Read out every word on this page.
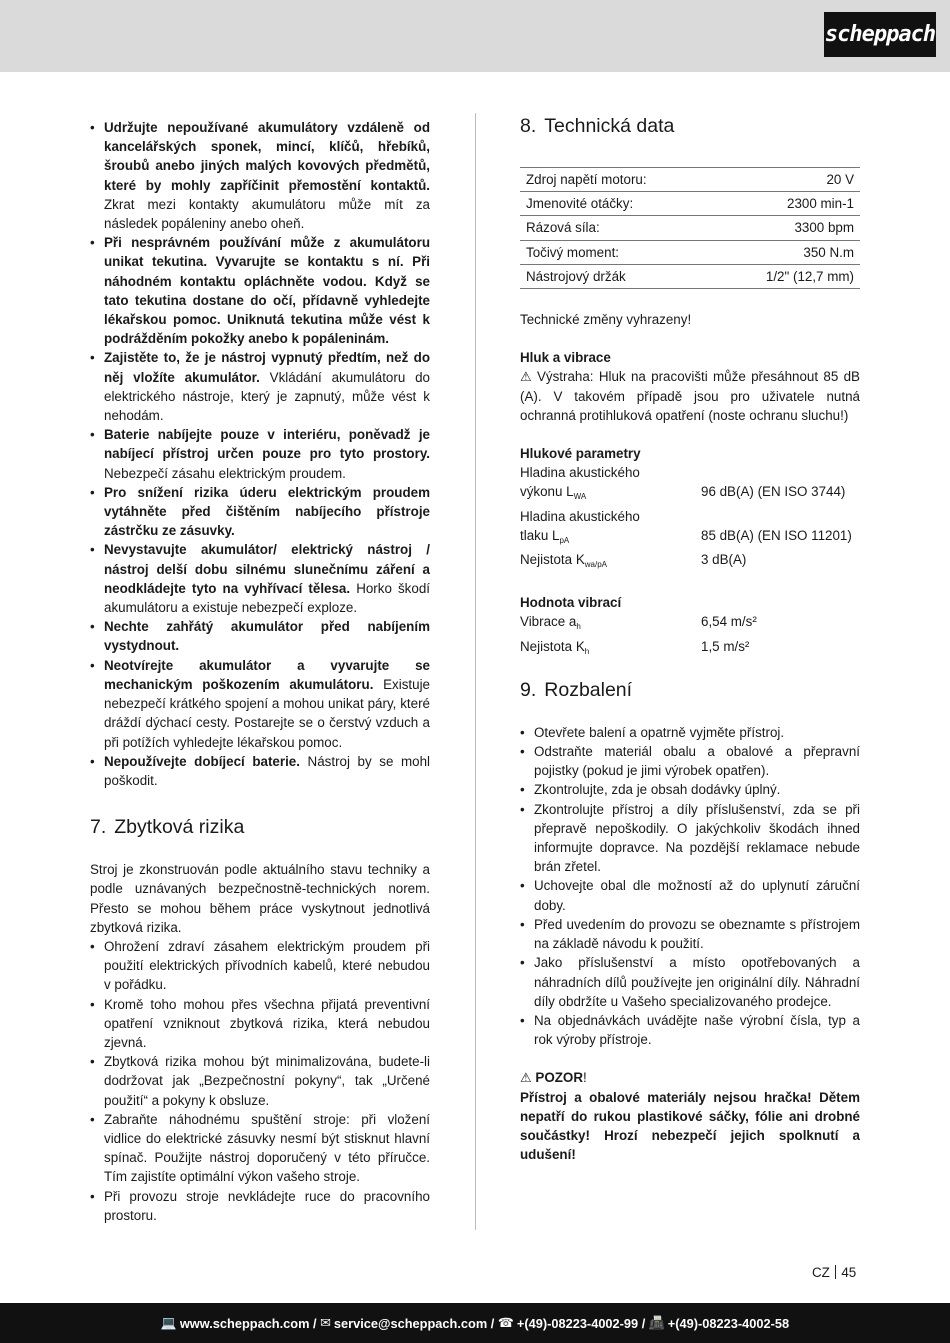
scheppach
• Udržujte nepoužívané akumulátory vzdáleně od kancelářských sponek, mincí, klíčů, hřebíků, šroubů anebo jiných malých kovových předmětů, které by mohly zapříčinit přemostění kontaktů. Zkrat mezi kontakty akumulátoru může mít za následek popáleniny anebo oheň.
• Při nesprávném používání může z akumulátoru unikat tekutina. Vyvarujte se kontaktu s ní. Při náhodném kontaktu opláchněte vodou. Když se tato tekutina dostane do očí, přídavně vyhledejte lékařskou pomoc. Uniknutá tekutina může vést k podrážděním pokožky anebo k popáleninám.
• Zajistěte to, že je nástroj vypnutý předtím, než do něj vložíte akumulátor. Vkládání akumulátoru do elektrického nástroje, který je zapnutý, může vést k nehodám.
• Baterie nabíjejte pouze v interiéru, poněvadž je nabíjecí přístroj určen pouze pro tyto prostory. Nebezpečí zásahu elektrickým proudem.
• Pro snížení rizika úderu elektrickým proudem vytáhněte před čištěním nabíjecího přístroje zástrčku ze zásuvky.
• Nevystavujte akumulátor/ elektrický nástroj / nástroj delší dobu silnému slunečnímu záření a neodkládejte tyto na vyhřívací tělesa. Horko škodí akumulátoru a existuje nebezpečí exploze.
• Nechte zahřátý akumulátor před nabíjením vystydnout.
• Neotvírejte akumulátor a vyvarujte se mechanickým poškozením akumulátoru. Existuje nebezpečí krátkého spojení a mohou unikat páry, které dráždí dýchací cesty. Postarejte se o čerstvý vzduch a při potížích vyhledejte lékařskou pomoc.
• Nepoužívejte dobíjecí baterie. Nástroj by se mohl poškodit.
7. Zbytková rizika

Stroj je zkonstruován podle aktuálního stavu techniky a podle uznávaných bezpečnostně-technických norem. Přesto se mohou během práce vyskytnout jednotlivá zbytková rizika.

• Ohrožení zdraví zásahem elektrickým proudem při použití elektrických přívodních kabelů, které nebudou v pořádku.
• Kromě toho mohou přes všechna přijatá preventivní opatření vzniknout zbytková rizika, která nebudou zjevná.
• Zbytková rizika mohou být minimalizována, budete-li dodržovat jak „Bezpečnostní pokyny“, tak „Určené použití“ a pokyny k obsluze.
• Zabraňte náhodnému spuštění stroje: při vložení vidlice do elektrické zásuvky nesmí být stisknut hlavní spínač. Použijte nástroj doporučený v této příručce. Tím zajistíte optimální výkon vašeho stroje.
• Při provozu stroje nevkládejte ruce do pracovního prostoru.
8. Technická data
Zdroj napětí motoru:	20 V
Jmenovité otáčky:	2300 min-1
Rázová síla:	3300 bpm
Točivý moment:	350 N.m
Nástrojový držák	1/2" (12,7 mm)

Technické změny vyhrazeny!

Hluk a vibrace

⚠ Výstraha: Hluk na pracovišti může přesáhnout 85 dB (A). V takovém případě jsou pro uživatele nutná ochranná protihluková opatření (noste ochranu sluchu!)

Hlukové parametry

Hladina akustického
výkonu $L_{WA}$	96 dB(A) (EN ISO 3744)
Hladina akustického
tlaku $L_{pA}$	85 dB(A) (EN ISO 11201)
Nejistota $K_{wa/pA}$	3 dB(A)

Hodnota vibrací

Vibrace $a_h$	6,54 m/s²
Nejistota $K_h$	1,5 m/s²
9. Rozbalení
• Otevřete balení a opatrně vyjměte přístroj.
• Odstraňte materiál obalu a obalové a přepravní pojistky (pokud je jimi výrobek opatřen).
• Zkontrolujte, zda je obsah dodávky úplný.
• Zkontrolujte přístroj a díly příslušenství, zda se při přepravě nepoškodily. O jakýchkoliv škodách ihned informujte dopravce. Na pozdější reklamace nebude brán zřetel.
• Uchovejte obal dle možností až do uplynutí záruční doby.
• Před uvedením do provozu se obeznamte s přístrojem na základě návodu k použití.
• Jako příslušenství a místo opotřebovaných a náhradních dílů používejte jen originální díly. Náhradní díly obdržíte u Vašeho specializovaného prodejce.
• Na objednávkách uvádějte naše výrobní čísla, typ a rok výroby přístroje.

⚠ POZOR!

Přístroj a obalové materiály nejsou hračka! Dětem nepatří do rukou plastikové sáčky, fólie ani drobné součástky! Hrozí nebezpečí jejich spolknutí a udušení!

CZ 45
💻 www.scheppach.com /
✉ service@scheppach.com /
☎ +(49)-08223-4002-99 /
📠 +(49)-08223-4002-58
